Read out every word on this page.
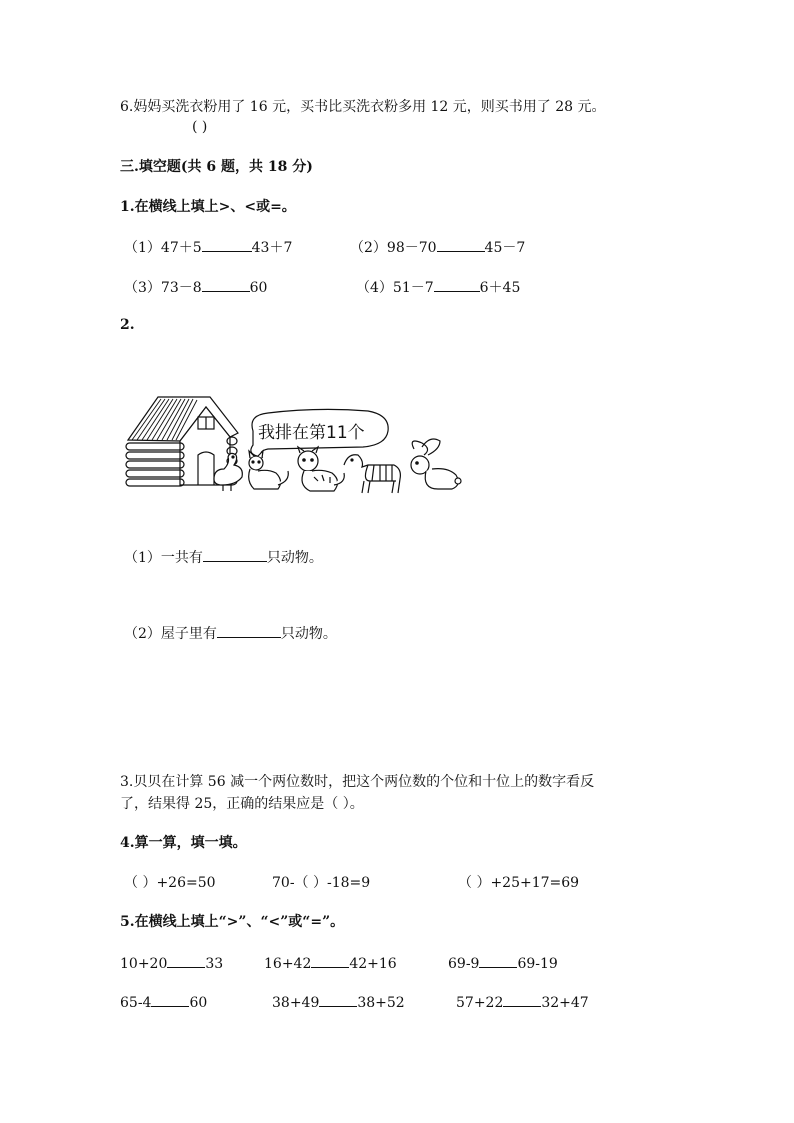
6.妈妈买洗衣粉用了 16 元，买书比买洗衣粉多用 12 元，则买书用了 28 元。
( )
三.填空题(共 6 题，共 18 分)
1.在横线上填上>、<或=。
（1）47＋5	43＋7	（2）98－70	45－7
（3）73－8	60	（4）51－7	6＋45
2.
我排在第11个
（1）一共有	只动物。
（2）屋子里有	只动物。
3.贝贝在计算 56 减一个两位数时，把这个两位数的个位和十位上的数字看反
了，结果得 25，正确的结果应是（ ）。
4.算一算，填一填。
（ ）+26=50	70-（ ）-18=9	（ ）+25+17=69
5.在横线上填上“>”、“<”或“=”。
10+20	33	16+42	42+16	69-9	69-19
65-4	60	38+49	38+52	57+22	32+47
